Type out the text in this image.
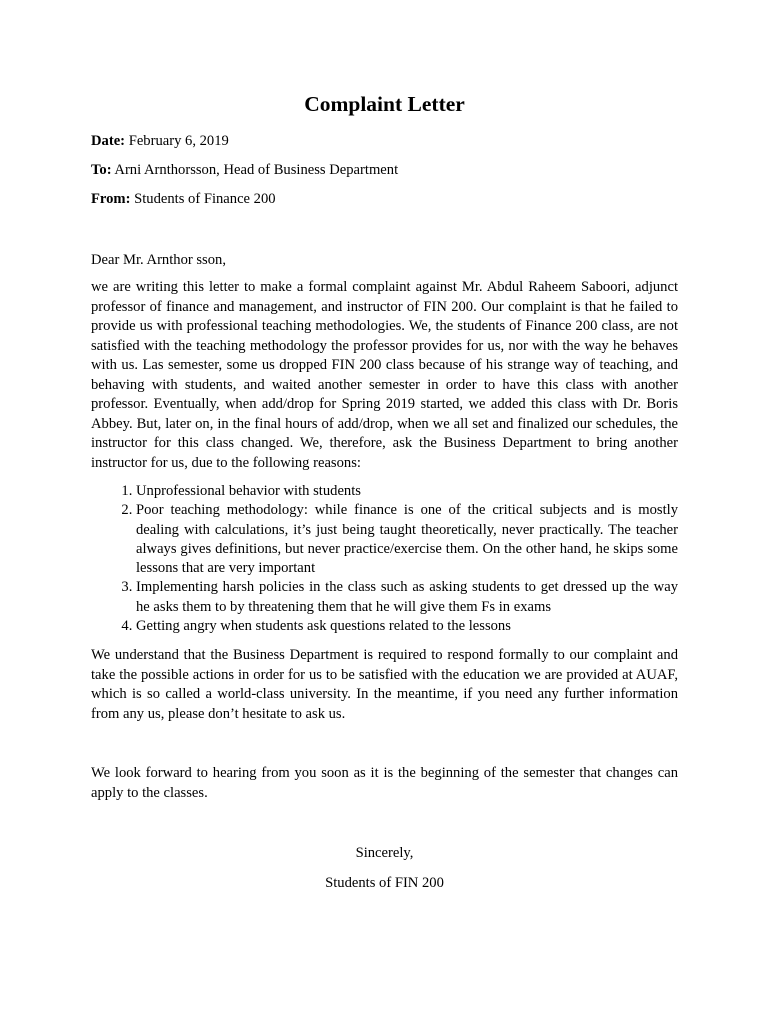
Complaint Letter

Date: February 6, 2019

To: Arni Arnthorsson, Head of Business Department

From: Students of Finance 200

Dear Mr. Arnthor sson,

we are writing this letter to make a formal complaint against Mr. Abdul Raheem Saboori, adjunct professor of finance and management, and instructor of FIN 200. Our complaint is that he failed to provide us with professional teaching methodologies. We, the students of Finance 200 class, are not satisfied with the teaching methodology the professor provides for us, nor with the way he behaves with us. Las semester, some us dropped FIN 200 class because of his strange way of teaching, and behaving with students, and waited another semester in order to have this class with another professor. Eventually, when add/drop for Spring 2019 started, we added this class with Dr. Boris Abbey. But, later on, in the final hours of add/drop, when we all set and finalized our schedules, the instructor for this class changed. We, therefore, ask the Business Department to bring another instructor for us, due to the following reasons:

1. Unprofessional behavior with students
2. Poor teaching methodology: while finance is one of the critical subjects and is mostly dealing with calculations, it’s just being taught theoretically, never practically. The teacher always gives definitions, but never practice/exercise them. On the other hand, he skips some lessons that are very important
3. Implementing harsh policies in the class such as asking students to get dressed up the way he asks them to by threatening them that he will give them Fs in exams
4. Getting angry when students ask questions related to the lessons

We understand that the Business Department is required to respond formally to our complaint and take the possible actions in order for us to be satisfied with the education we are provided at AUAF, which is so called a world-class university. In the meantime, if you need any further information from any us, please don’t hesitate to ask us.

We look forward to hearing from you soon as it is the beginning of the semester that changes can apply to the classes.

Sincerely,

Students of FIN 200
